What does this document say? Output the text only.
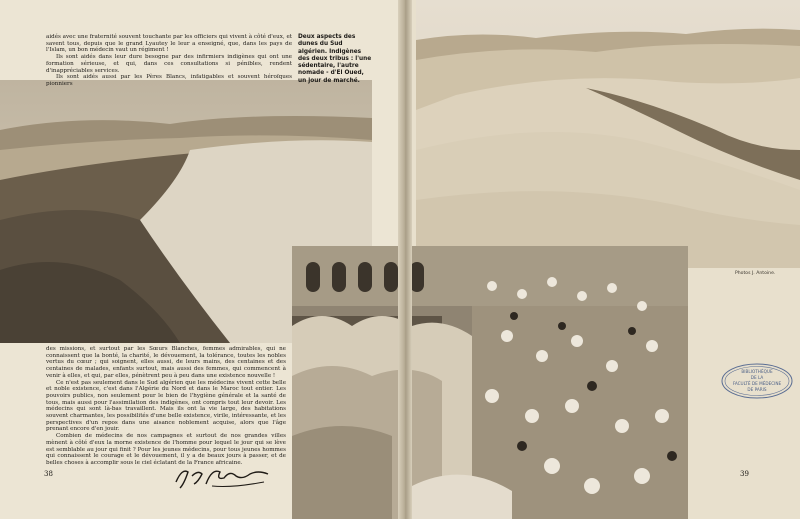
aidés avec une fraternité souvent touchante par les officiers qui vivent à côté d'eux, et savent tous, depuis que le grand Lyautey le leur a enseigné, que, dans les pays de l'Islam, un bon médecin vaut un régiment !

Ils sont aidés dans leur dure besogne par des infirmiers indigènes qui ont une formation sérieuse, et qui, dans ces consultations si pénibles, rendent d'inappréciables services.

Ils sont aidés aussi par les Pères Blancs, infatigables et souvent héroïques pionniers

Deux aspects des dunes du Sud algérien. Indigènes des deux tribus : l'une sédentaire, l'autre nomade - d'El Oued, un jour de marché.

des missions, et surtout par les Sœurs Blanches, femmes admirables, qui ne connaissent que la bonté, la charité, le dévouement, la tolérance, toutes les nobles vertus du cœur ; qui soignent, elles aussi, de leurs mains, des centaines et des centaines de malades, enfants surtout, mais aussi des femmes, qui commencent à venir à elles, et qui, par elles, pénètrent peu à peu dans une existence nouvelle !

Ce n'est pas seulement dans le Sud algérien que les médecins vivent cette belle et noble existence, c'est dans l'Algérie du Nord et dans le Maroc tout entier. Les pouvoirs publics, non seulement pour le bien de l'hygiène générale et la santé de tous, mais aussi pour l'assimilation des indigènes, ont compris tout leur devoir. Les médecins qui sont là-bas travaillent. Mais ils ont la vie large, des habitations souvent charmantes, les possibilités d'une belle existence, virile, intéressante, et les perspectives d'un repos dans une aisance noblement acquise, alors que l'âge prenant encore d'en jouir.

Combien de médecins de nos campagnes et surtout de nos grandes villes mènent à côté d'eux la morne existence de l'homme pour lequel le jour qui se lève est semblable au jour qui finit ? Pour les jeunes médecins, pour tous jeunes hommes qui connaissent le courage et le dévouement, il y a de beaux jours à passer, et de belles choses à accomplir sous le ciel éclatant de la France africaine.

38
Photos J. Antoine.
BIBLIOTHÈQUE
DE LA
FACULTÉ DE MÉDECINE
DE PARIS
39
